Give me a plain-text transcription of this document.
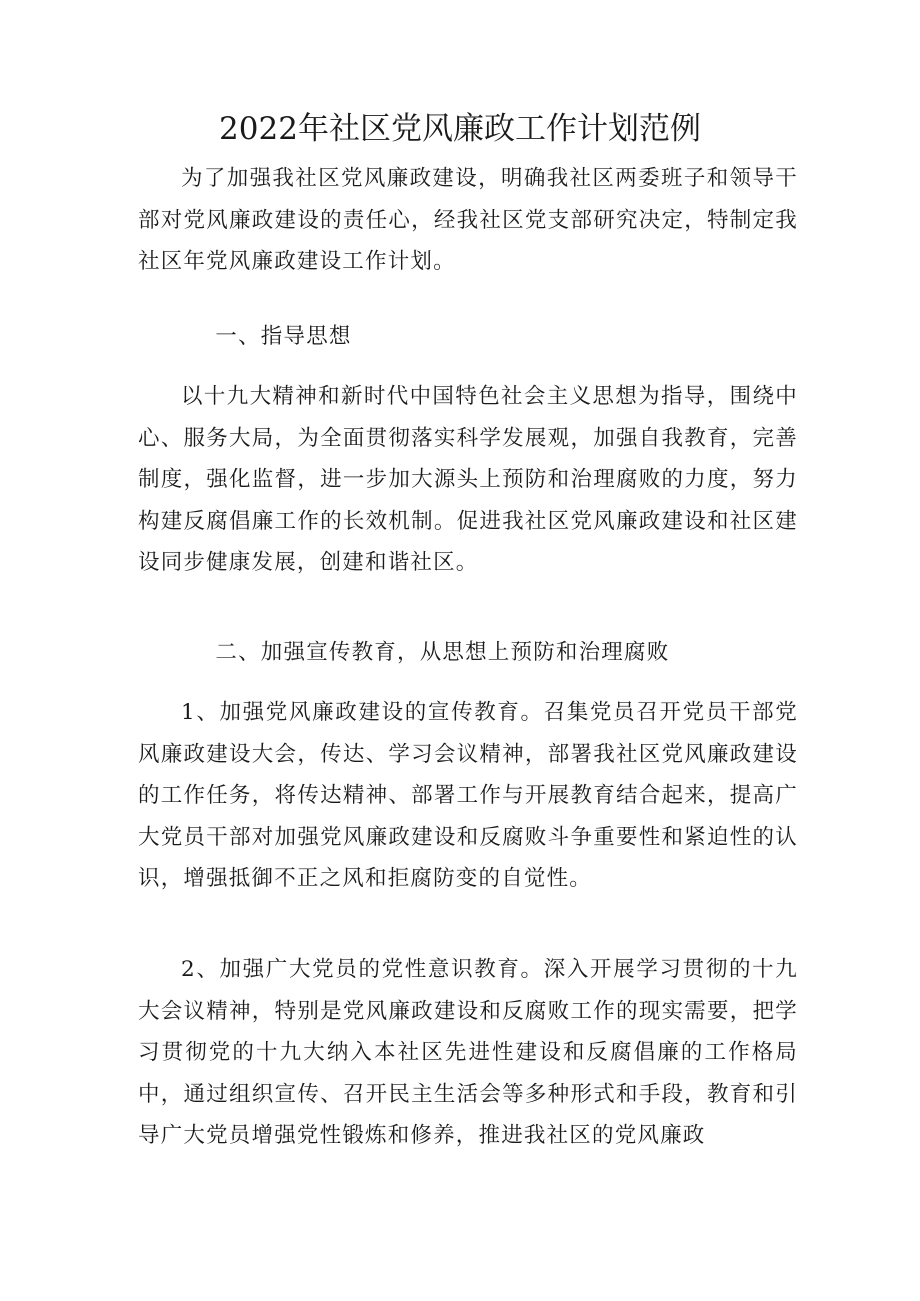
2022年社区党风廉政工作计划范例

为了加强我社区党风廉政建设，明确我社区两委班子和领导干部对党风廉政建设的责任心，经我社区党支部研究决定，特制定我社区年党风廉政建设工作计划。

一、指导思想

以十九大精神和新时代中国特色社会主义思想为指导，围绕中心、服务大局，为全面贯彻落实科学发展观，加强自我教育，完善制度，强化监督，进一步加大源头上预防和治理腐败的力度，努力构建反腐倡廉工作的长效机制。促进我社区党风廉政建设和社区建设同步健康发展，创建和谐社区。

二、加强宣传教育，从思想上预防和治理腐败

1、加强党风廉政建设的宣传教育。召集党员召开党员干部党风廉政建设大会，传达、学习会议精神，部署我社区党风廉政建设的工作任务，将传达精神、部署工作与开展教育结合起来，提高广大党员干部对加强党风廉政建设和反腐败斗争重要性和紧迫性的认识，增强抵御不正之风和拒腐防变的自觉性。

2、加强广大党员的党性意识教育。深入开展学习贯彻的十九大会议精神，特别是党风廉政建设和反腐败工作的现实需要，把学习贯彻党的十九大纳入本社区先进性建设和反腐倡廉的工作格局中，通过组织宣传、召开民主生活会等多种形式和手段，教育和引导广大党员增强党性锻炼和修养，推进我社区的党风廉政
